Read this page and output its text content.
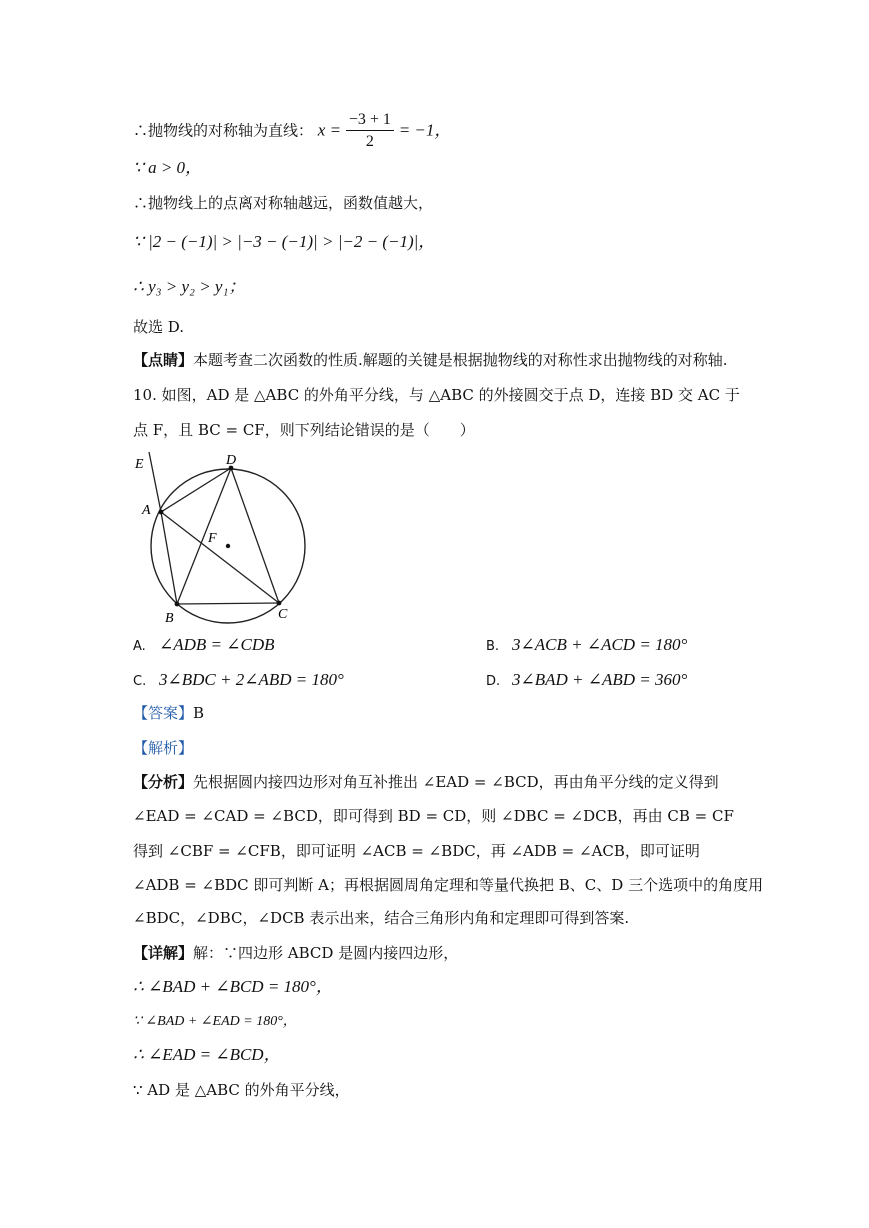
∴抛物线的对称轴为直线： $x = \frac{-3 + 1}{2} = -1$，
∵ a > 0，
∴抛物线上的点离对称轴越远，函数值越大，
∵ |2 − (−1)| > |−3 − (−1)| > |−2 − (−1)|，
∴ y₃ > y₂ > y₁；
故选 D.
【点睛】本题考查二次函数的性质.解题的关键是根据抛物线的对称性求出抛物线的对称轴.
10. 如图，AD 是 △ABC 的外角平分线，与 △ABC 的外接圆交于点 D，连接 BD 交 AC 于
点 F，且 BC = CF，则下列结论错误的是（　　）
E	D
A
F
B	C
A. ∠ADB = ∠CDB	B. 3∠ACB + ∠ACD = 180°
C. 3∠BDC + 2∠ABD = 180°	D. 3∠BAD + ∠ABD = 360°
【答案】B
【解析】
【分析】先根据圆内接四边形对角互补推出 ∠EAD = ∠BCD，再由角平分线的定义得到
∠EAD = ∠CAD = ∠BCD，即可得到 BD = CD，则 ∠DBC = ∠DCB，再由 CB = CF
得到 ∠CBF = ∠CFB，即可证明 ∠ACB = ∠BDC，再 ∠ADB = ∠ACB，即可证明
∠ADB = ∠BDC 即可判断 A；再根据圆周角定理和等量代换把 B、C、D 三个选项中的角度用
∠BDC，∠DBC，∠DCB 表示出来，结合三角形内角和定理即可得到答案.
【详解】解：∵四边形 ABCD 是圆内接四边形，
∴ ∠BAD + ∠BCD = 180°，
∵ ∠BAD + ∠EAD = 180°，
∴ ∠EAD = ∠BCD，
∵ AD 是 △ABC 的外角平分线，
